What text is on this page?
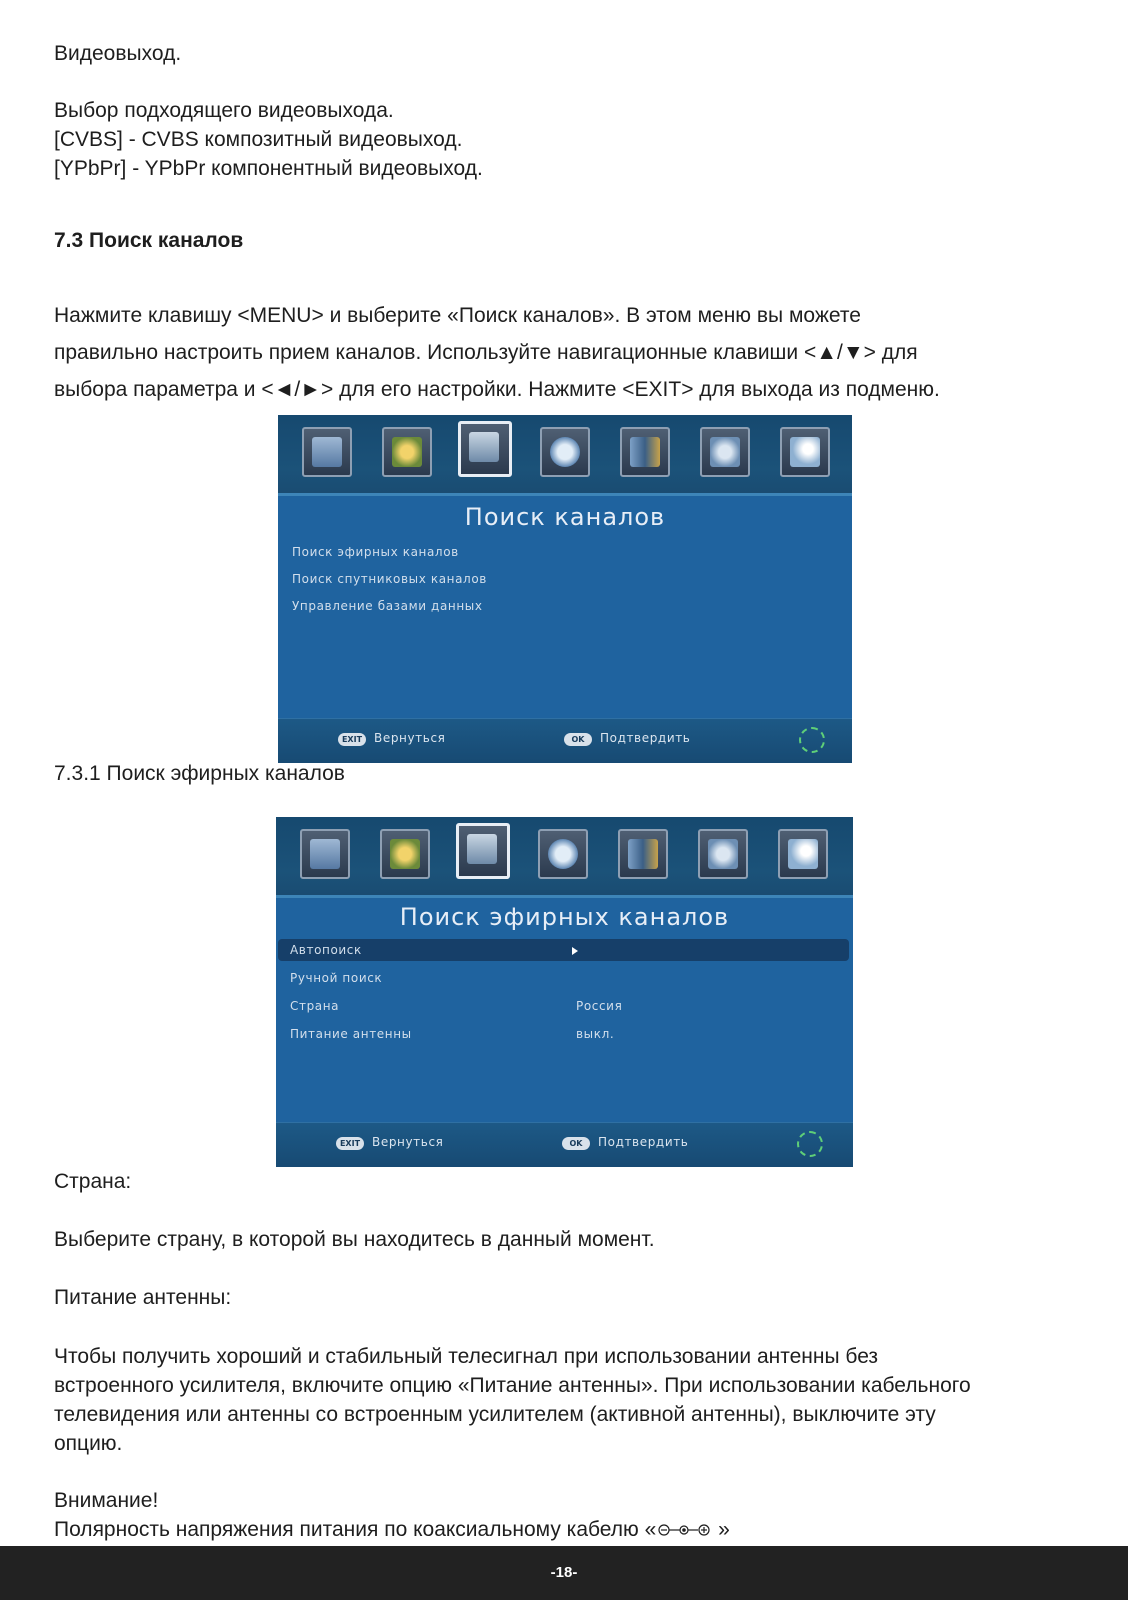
Видеовыход.
Выбор подходящего видеовыхода.
[CVBS] - CVBS композитный видеовыход.
[YPbPr] - YPbPr компонентный видеовыход.
7.3 Поиск каналов
Нажмите клавишу <MENU> и выберите «Поиск каналов». В этом меню вы можете
правильно настроить прием каналов. Используйте навигационные клавиши <▲/▼> для
выбора параметра и <◄/►> для его настройки. Нажмите <EXIT> для выхода из подменю.
Поиск каналов
Поиск эфирных каналов
Поиск спутниковых каналов
Управление базами данных
EXIT Вернуться	OK	Подтвердить
7.3.1 Поиск эфирных каналов
Поиск эфирных каналов
Автопоиск
Ручной поиск
Страна	Россия
Питание антенны	выкл.
EXIT Вернуться	OK	Подтвердить
Страна:
Выберите страну, в которой вы находитесь в данный момент.
Питание антенны:
Чтобы получить хороший и стабильный телесигнал при использовании антенны без
встроенного усилителя, включите опцию «Питание антенны». При использовании кабельного
телевидения или антенны со встроенным усилителем (активной антенны), выключите эту
опцию.
Внимание!
Полярность напряжения питания по коаксиальному кабелю «	»
-18-
